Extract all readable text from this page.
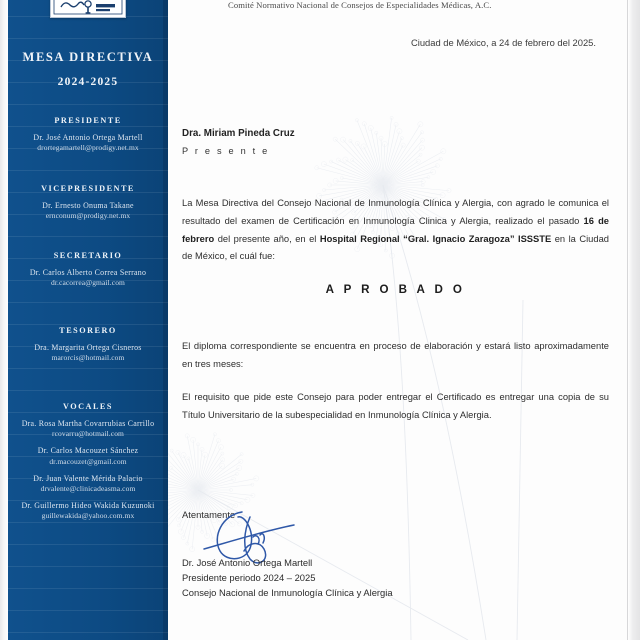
MESA DIRECTIVA
2024-2025
PRESIDENTE
Dr. José Antonio Ortega Martell
drortegamartell@prodigy.net.mx
VICEPRESIDENTE
Dr. Ernesto Onuma Takane
ernconum@prodigy.net.mx
SECRETARIO
Dr. Carlos Alberto Correa Serrano
dr.cacorrea@gmail.com
TESORERO
Dra. Margarita Ortega Cisneros
marorcis@hotmail.com
VOCALES
Dra. Rosa Martha Covarrubias Carrillo
rcovarru@hotmail.com
Dr. Carlos Macouzet Sánchez
dr.macouzet@gmail.com
Dr. Juan Valente Mérida Palacio
drvalente@clinicadeasma.com
Dr. Guillermo Hideo Wakida Kuzunoki
guillewakida@yahoo.com.mx
Comité Normativo Nacional de Consejos de Especialidades Médicas, A.C.
Ciudad de México, a 24 de febrero del 2025.
Dra. Miriam Pineda Cruz
P r e s e n t e

La Mesa Directiva del Consejo Nacional de Inmunología Clínica y Alergia, con agrado le comunica el resultado del examen de Certificación en Inmunología Clinica y Alergia, realizado el pasado 16 de febrero del presente año, en el Hospital Regional “Gral. Ignacio Zaragoza” ISSSTE en la Ciudad de México, el cuál fue:

A P R O B A D O

El diploma correspondiente se encuentra en proceso de elaboración y estará listo aproximadamente en tres meses:

El requisito que pide este Consejo para poder entregar el Certificado es entregar una copia de su Título Universitario de la subespecialidad en Inmunología Clínica y Alergia.

Atentamente
Dr. José Antonio Ortega Martell
Presidente periodo 2024 – 2025
Consejo Nacional de Inmunología Clínica y Alergia
